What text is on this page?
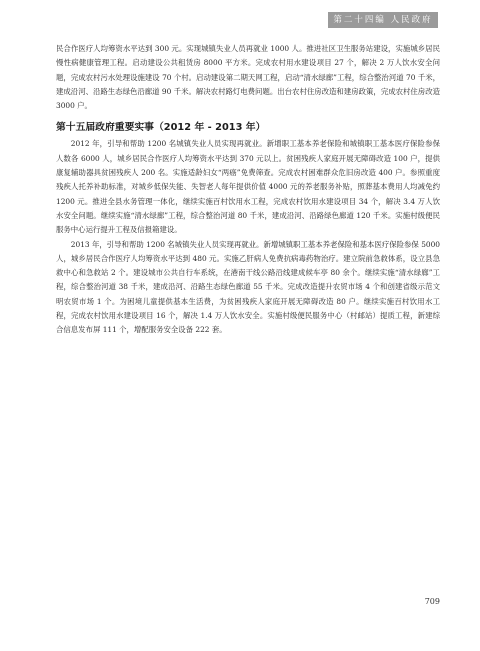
第二十四编 人民政府

民合作医疗人均筹资水平达到 300 元。实现城镇失业人员再就业 1000 人。推进社区卫生服务站建设，实施城乡居民慢性病健康管理工程。启动建设公共租赁房 8000 平方米。完成农村用水建设项目 27 个，解决 2 万人饮水安全问题，完成农村污水处理设施建设 70 个村。启动建设第二期天网工程，启动“清水绿廊”工程，综合整治河道 70 千米，建成沿河、沿路生态绿色沿廊道 90 千米。解决农村路灯电费问题。出台农村住房改造和建房政策，完成农村住房改造 3000 户。

第十五届政府重要实事（2012 年 - 2013 年）

2012 年，引导和帮助 1200 名城镇失业人员实现再就业。新增职工基本养老保险和城镇职工基本医疗保险参保人数各 6000 人，城乡居民合作医疗人均筹资水平达到 370 元以上。贫困残疾人家庭开展无障碍改造 100 户，提供康复辅助器具贫困残疾人 200 名。实施适龄妇女“两癌”免费筛查。完成农村困难群众危旧房改造 400 户。参照重度残疾人托养补助标准，对城乡低保失能、失智老人每年提供价值 4000 元的养老服务补贴，照葬基本费用人均减免约 1200 元。推进全县水务管理一体化，继续实施百村饮用水工程，完成农村饮用水建设项目 34 个，解决 3.4 万人饮水安全问题。继续实施“清水绿廊”工程，综合整治河道 80 千米，建成沿河、沿路绿色廊道 120 千米。实施村级便民服务中心运行提升工程及信报箱建设。

2013 年，引导和帮助 1200 名城镇失业人员实现再就业。新增城镇职工基本养老保险和基本医疗保险参保 5000 人，城乡居民合作医疗人均筹资水平达到 480 元。实施乙肝病人免费抗病毒药物治疗。建立院前急救体系，设立县急救中心和急救站 2 个。建设城市公共自行车系统，在港南干线公路沿线建成候车亭 80 余个。继续实施“清水绿廊”工程，综合整治河道 38 千米，建成沿河、沿路生态绿色廊道 55 千米。完成改造提升农贸市场 4 个和创建省级示范文明农贸市场 1 个。为困境儿童提供基本生活费，为贫困残疾人家庭开展无障碍改造 80 户。继续实施百村饮用水工程，完成农村饮用水建设项目 16 个，解决 1.4 万人饮水安全。实施村级便民服务中心（村邮站）提质工程，新建综合信息发布屏 111 个，增配服务安全设备 222 套。

709
